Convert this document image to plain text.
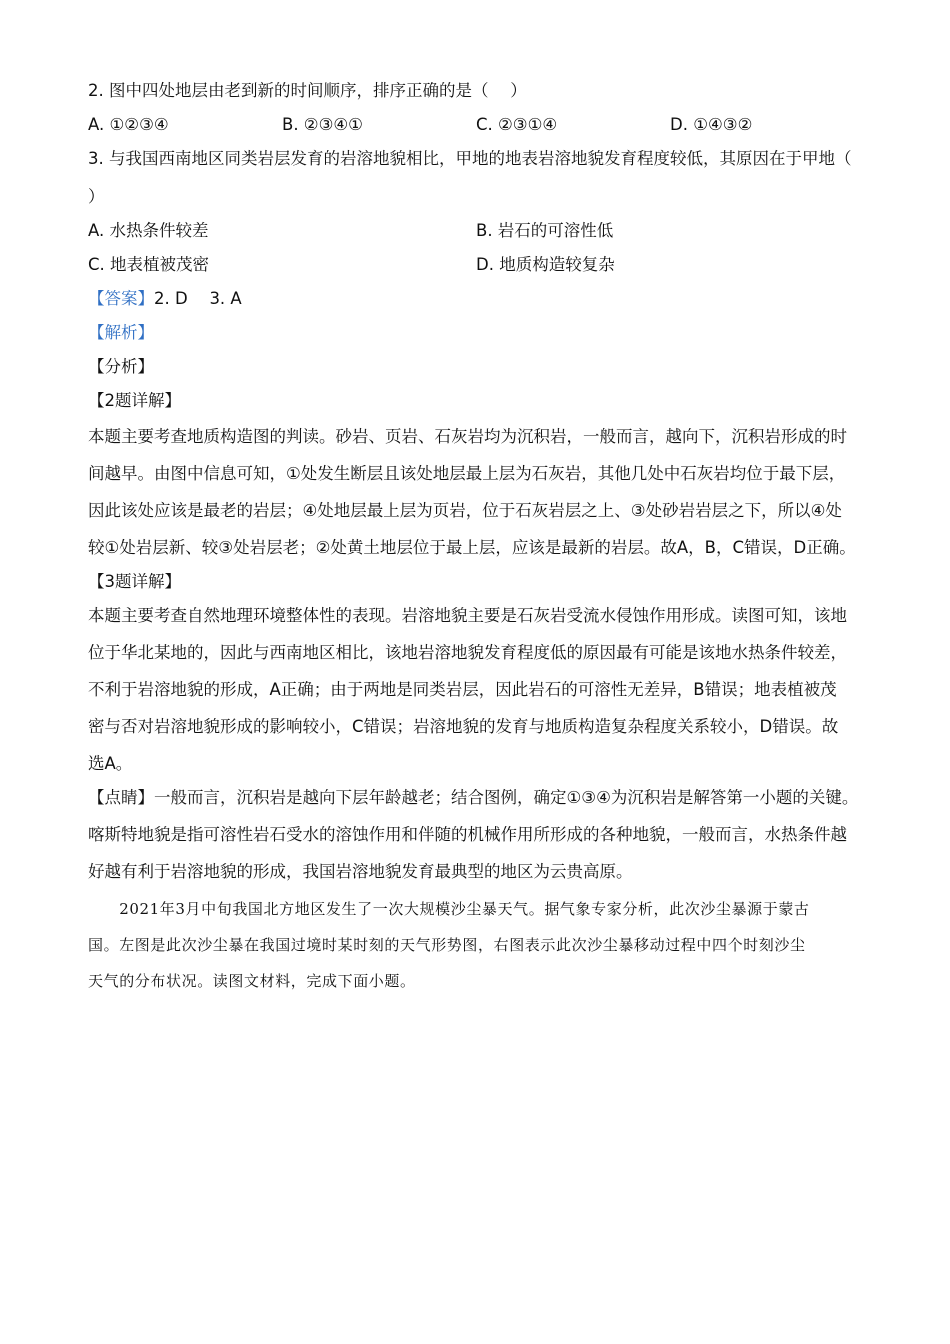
2. 图中四处地层由老到新的时间顺序，排序正确的是（　 ）
A. ①②③④	B. ②③④①	C. ②③①④	D. ①④③②
3. 与我国西南地区同类岩层发育的岩溶地貌相比，甲地的地表岩溶地貌发育程度较低，其原因在于甲地（
）
A. 水热条件较差	B. 岩石的可溶性低
C. 地表植被茂密	D. 地质构造较复杂
【答案】2. D　 3. A
【解析】
【分析】
【2题详解】
本题主要考查地质构造图的判读。砂岩、页岩、石灰岩均为沉积岩，一般而言，越向下，沉积岩形成的时
间越早。由图中信息可知，①处发生断层且该处地层最上层为石灰岩，其他几处中石灰岩均位于最下层，
因此该处应该是最老的岩层；④处地层最上层为页岩，位于石灰岩层之上、③处砂岩岩层之下，所以④处
较①处岩层新、较③处岩层老；②处黄土地层位于最上层，应该是最新的岩层。故A，B，C错误，D正确。
【3题详解】
本题主要考查自然地理环境整体性的表现。岩溶地貌主要是石灰岩受流水侵蚀作用形成。读图可知，该地
位于华北某地的，因此与西南地区相比，该地岩溶地貌发育程度低的原因最有可能是该地水热条件较差，
不利于岩溶地貌的形成，A正确；由于两地是同类岩层，因此岩石的可溶性无差异，B错误；地表植被茂
密与否对岩溶地貌形成的影响较小，C错误；岩溶地貌的发育与地质构造复杂程度关系较小，D错误。故
选A。
【点睛】一般而言，沉积岩是越向下层年龄越老；结合图例，确定①③④为沉积岩是解答第一小题的关键。
喀斯特地貌是指可溶性岩石受水的溶蚀作用和伴随的机械作用所形成的各种地貌，一般而言，水热条件越
好越有利于岩溶地貌的形成，我国岩溶地貌发育最典型的地区为云贵高原。
　　2021年3月中旬我国北方地区发生了一次大规模沙尘暴天气。据气象专家分析，此次沙尘暴源于蒙古
国。左图是此次沙尘暴在我国过境时某时刻的天气形势图，右图表示此次沙尘暴移动过程中四个时刻沙尘
天气的分布状况。读图文材料，完成下面小题。
